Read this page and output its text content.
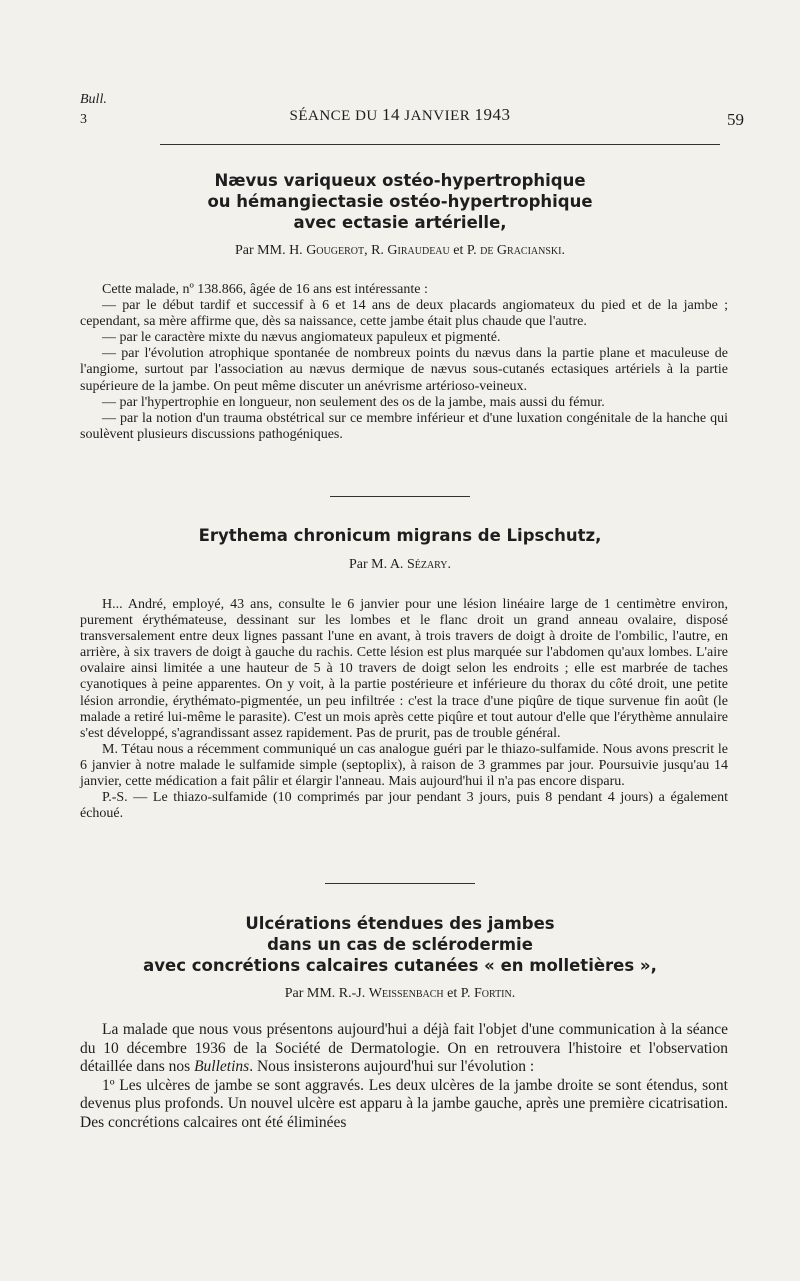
Bull.
3	SÉANCE DU 14 JANVIER 1943	59
Nævus variqueux ostéo-hypertrophique
ou hémangiectasie ostéo-hypertrophique
avec ectasie artérielle,
Par MM. H. Gougerot, R. Giraudeau et P. de Gracianski.

Cette malade, nº 138.866, âgée de 16 ans est intéressante :

— par le début tardif et successif à 6 et 14 ans de deux placards angiomateux du pied et de la jambe ; cependant, sa mère affirme que, dès sa naissance, cette jambe était plus chaude que l'autre.

— par le caractère mixte du nævus angiomateux papuleux et pigmenté.

— par l'évolution atrophique spontanée de nombreux points du nævus dans la partie plane et maculeuse de l'angiome, surtout par l'association au nævus dermique de nævus sous-cutanés ectasiques artériels à la partie supérieure de la jambe. On peut même discuter un anévrisme artérioso-veineux.

— par l'hypertrophie en longueur, non seulement des os de la jambe, mais aussi du fémur.

— par la notion d'un trauma obstétrical sur ce membre inférieur et d'une luxation congénitale de la hanche qui soulèvent plusieurs discussions pathogéniques.

Erythema chronicum migrans de Lipschutz,
Par M. A. Sézary.

H... André, employé, 43 ans, consulte le 6 janvier pour une lésion linéaire large de 1 centimètre environ, purement érythémateuse, dessinant sur les lombes et le flanc droit un grand anneau ovalaire, disposé transversalement entre deux lignes passant l'une en avant, à trois travers de doigt à droite de l'ombilic, l'autre, en arrière, à six travers de doigt à gauche du rachis. Cette lésion est plus marquée sur l'abdomen qu'aux lombes. L'aire ovalaire ainsi limitée a une hauteur de 5 à 10 travers de doigt selon les endroits ; elle est marbrée de taches cyanotiques à peine apparentes. On y voit, à la partie postérieure et inférieure du thorax du côté droit, une petite lésion arrondie, érythémato-pigmentée, un peu infiltrée : c'est la trace d'une piqûre de tique survenue fin août (le malade a retiré lui-même le parasite). C'est un mois après cette piqûre et tout autour d'elle que l'érythème annulaire s'est développé, s'agrandissant assez rapidement. Pas de prurit, pas de trouble général.

M. Tétau nous a récemment communiqué un cas analogue guéri par le thiazo-sulfamide. Nous avons prescrit le 6 janvier à notre malade le sulfamide simple (septoplix), à raison de 3 grammes par jour. Poursuivie jusqu'au 14 janvier, cette médication a fait pâlir et élargir l'anneau. Mais aujourd'hui il n'a pas encore disparu.

P.-S. — Le thiazo-sulfamide (10 comprimés par jour pendant 3 jours, puis 8 pendant 4 jours) a également échoué.

Ulcérations étendues des jambes
dans un cas de sclérodermie
avec concrétions calcaires cutanées « en molletières »,
Par MM. R.-J. Weissenbach et P. Fortin.

La malade que nous vous présentons aujourd'hui a déjà fait l'objet d'une communication à la séance du 10 décembre 1936 de la Société de Dermatologie. On en retrouvera l'histoire et l'observation détaillée dans nos Bulletins. Nous insisterons aujourd'hui sur l'évolution :

1º Les ulcères de jambe se sont aggravés. Les deux ulcères de la jambe droite se sont étendus, sont devenus plus profonds. Un nouvel ulcère est apparu à la jambe gauche, après une première cicatrisation. Des concrétions calcaires ont été éliminées
